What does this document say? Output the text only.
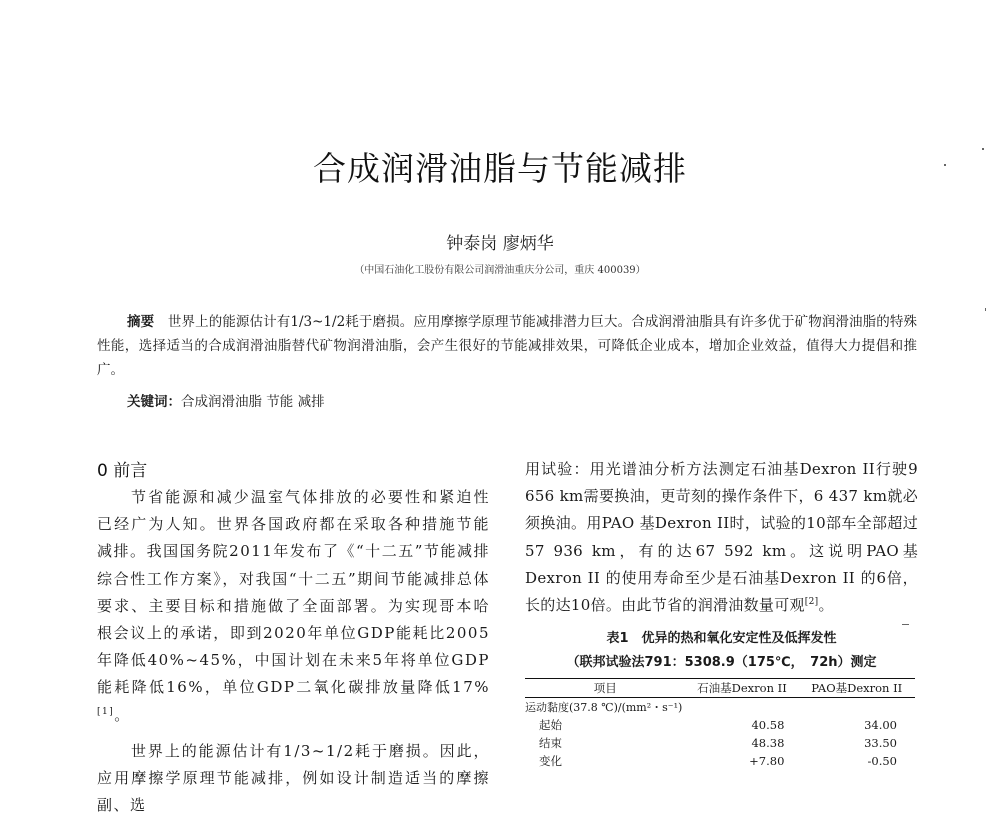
合成润滑油脂与节能减排
钟泰岗 廖炳华
（中国石油化工股份有限公司润滑油重庆分公司，重庆 400039）
摘要　 世界上的能源估计有1/3~1/2耗于磨损。应用摩擦学原理节能减排潜力巨大。合成润滑油脂具有许多优于矿物润滑油脂的特殊性能，选择适当的合成润滑油脂替代矿物润滑油脂，会产生很好的节能减排效果，可降低企业成本，增加企业效益，值得大力提倡和推广。
关键词：合成润滑油脂 节能 减排
0 前言

节省能源和减少温室气体排放的必要性和紧迫性已经广为人知。世界各国政府都在采取各种措施节能减排。我国国务院2011年发布了《“十二五”节能减排综合性工作方案》，对我国“十二五”期间节能减排总体要求、主要目标和措施做了全面部署。为实现哥本哈根会议上的承诺，即到2020年单位GDP能耗比2005年降低40%~45%，中国计划在未来5年将单位GDP能耗降低16%，单位GDP二氧化碳排放量降低17%[1]。

世界上的能源估计有1/3~1/2耗于磨损。因此，应用摩擦学原理节能减排，例如设计制造适当的摩擦副、选

用试验：用光谱油分析方法测定石油基Dexron II行驶9 656 km需要换油，更苛刻的操作条件下，6 437 km就必须换油。用PAO 基Dexron II时，试验的10部车全部超过57 936 km，有的达67 592 km。这说明PAO基Dexron II 的使用寿命至少是石油基Dexron II 的6倍，长的达10倍。由此节省的润滑油数量可观[2]。

表1　优异的热和氧化安定性及低挥发性
（联邦试验法791：5308.9（175℃，　72h）测定
项目	石油基Dexron II	PAO基Dexron II
运动黏度(37.8 ℃)/(mm²・s⁻¹)		
起始	40.58	34.00
结束	48.38	33.50
变化	+7.80	-0.50
